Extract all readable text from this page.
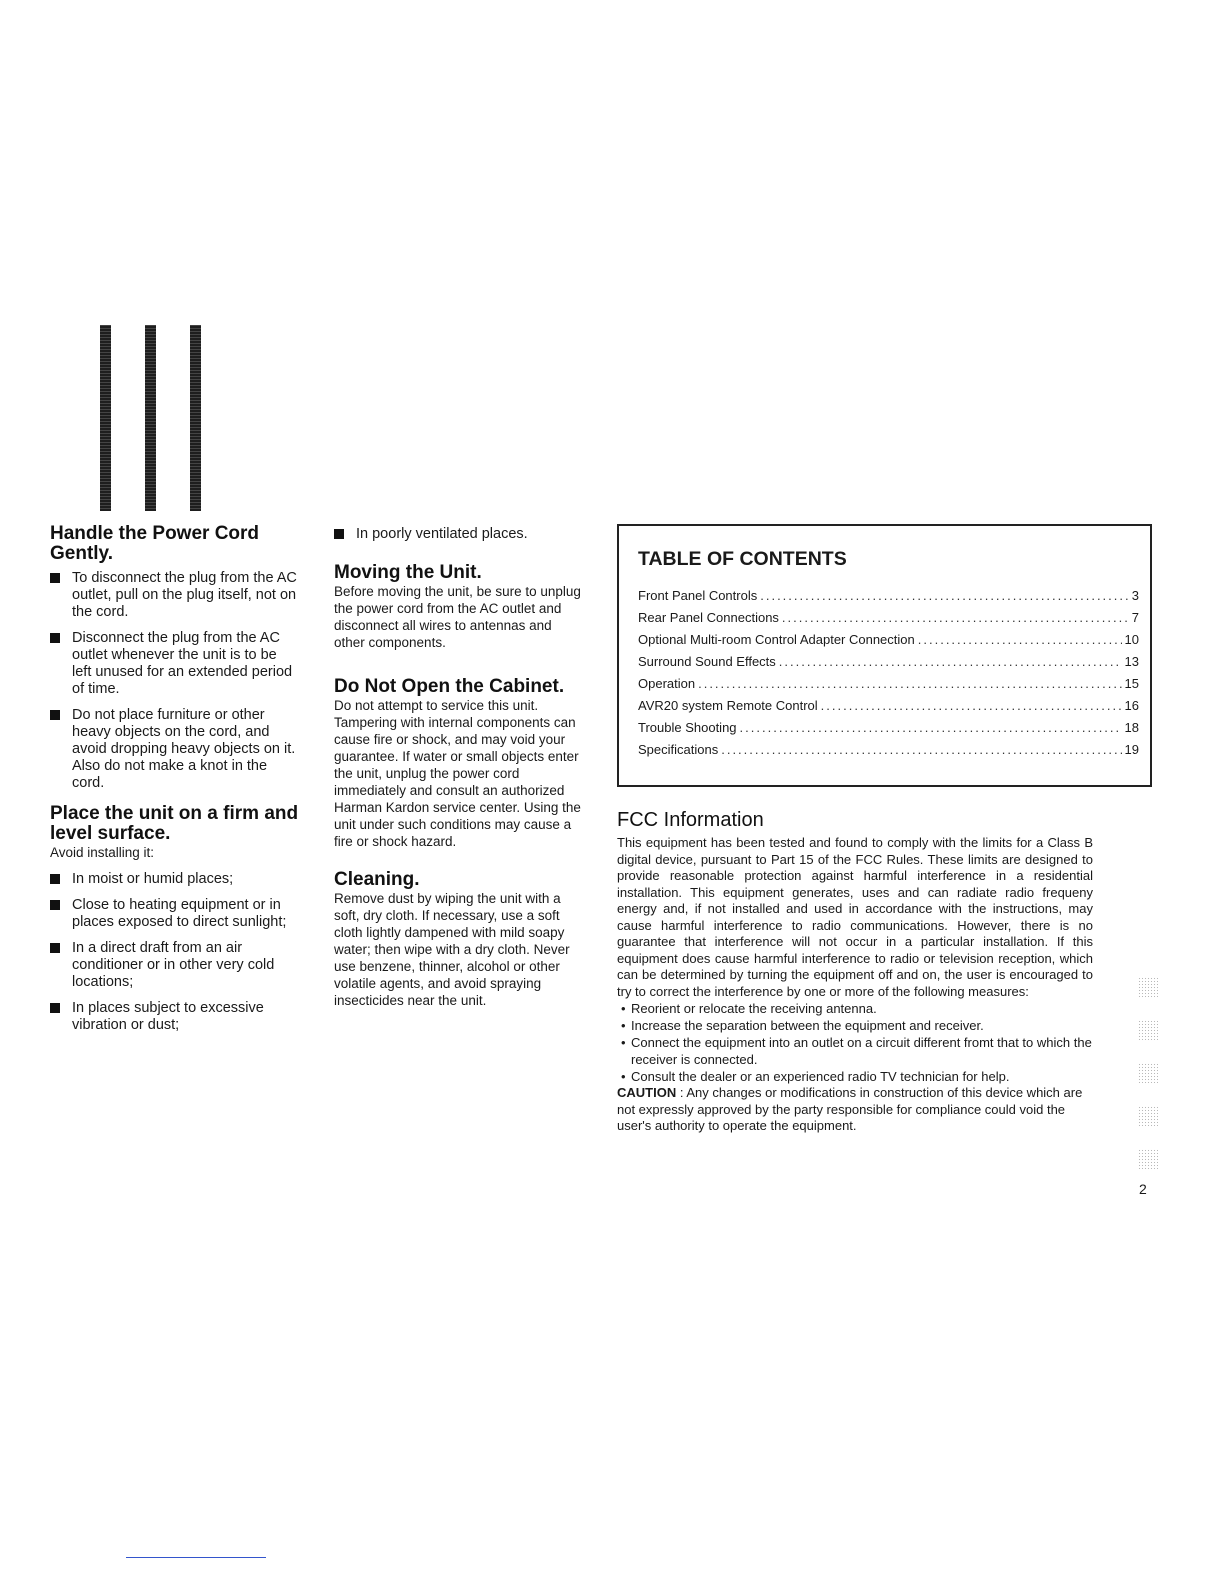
Handle the Power Cord Gently.
To disconnect the plug from the AC outlet, pull on the plug itself, not on the cord.
Disconnect the plug from the AC outlet whenever the unit is to be left unused for an extended period of time.
Do not place furniture or other heavy objects on the cord, and avoid dropping heavy objects on it. Also do not make a knot in the cord.
Place the unit on a firm and level surface.

Avoid installing it:

In moist or humid places;
Close to heating equipment or in places exposed to direct sunlight;
In a direct draft from an air conditioner or in other very cold locations;
In places subject to excessive vibration or dust;
In poorly ventilated places.
Moving the Unit.

Before moving the unit, be sure to unplug the power cord from the AC outlet and disconnect all wires to antennas and other components.

Do Not Open the Cabinet.

Do not attempt to service this unit. Tampering with internal components can cause fire or shock, and may void your guarantee. If water or small objects enter the unit, unplug the power cord immediately and consult an authorized Harman Kardon service center. Using the unit under such conditions may cause a fire or shock hazard.

Cleaning.

Remove dust by wiping the unit with a soft, dry cloth. If necessary, use a soft cloth lightly dampened with mild soapy water; then wipe with a dry cloth. Never use benzene, thinner, alcohol or other volatile agents, and avoid spraying insecticides near the unit.

TABLE OF CONTENTS
Front Panel Controls .....	3
Rear Panel Connections .....	7
Optional Multi-room Control Adapter Connection .....	10
Surround Sound Effects .....	13
Operation .....	15
AVR20 system Remote Control .....	16
Trouble Shooting .....	18
Specifications .....	19
FCC Information

This equipment has been tested and found to comply with the limits for a Class B digital device, pursuant to Part 15 of the FCC Rules. These limits are designed to provide reasonable protection against harmful interference in a residential installation. This equipment generates, uses and can radiate radio frequeny energy and, if not installed and used in accordance with the instructions, may cause harmful interference to radio communications. However, there is no guarantee that interference will not occur in a particular installation. If this equipment does cause harmful interference to radio or television reception, which can be determined by turning the equipment off and on, the user is encouraged to try to correct the interference by one or more of the following measures:

• Reorient or relocate the receiving antenna.
• Increase the separation between the equipment and receiver.
• Connect the equipment into an outlet on a circuit different fromt that to which the receiver is connected.
• Consult the dealer or an experienced radio TV technician for help.

CAUTION : Any changes or modifications in construction of this device which are not expressly approved by the party responsible for compliance could void the user's authority to operate the equipment.

2
